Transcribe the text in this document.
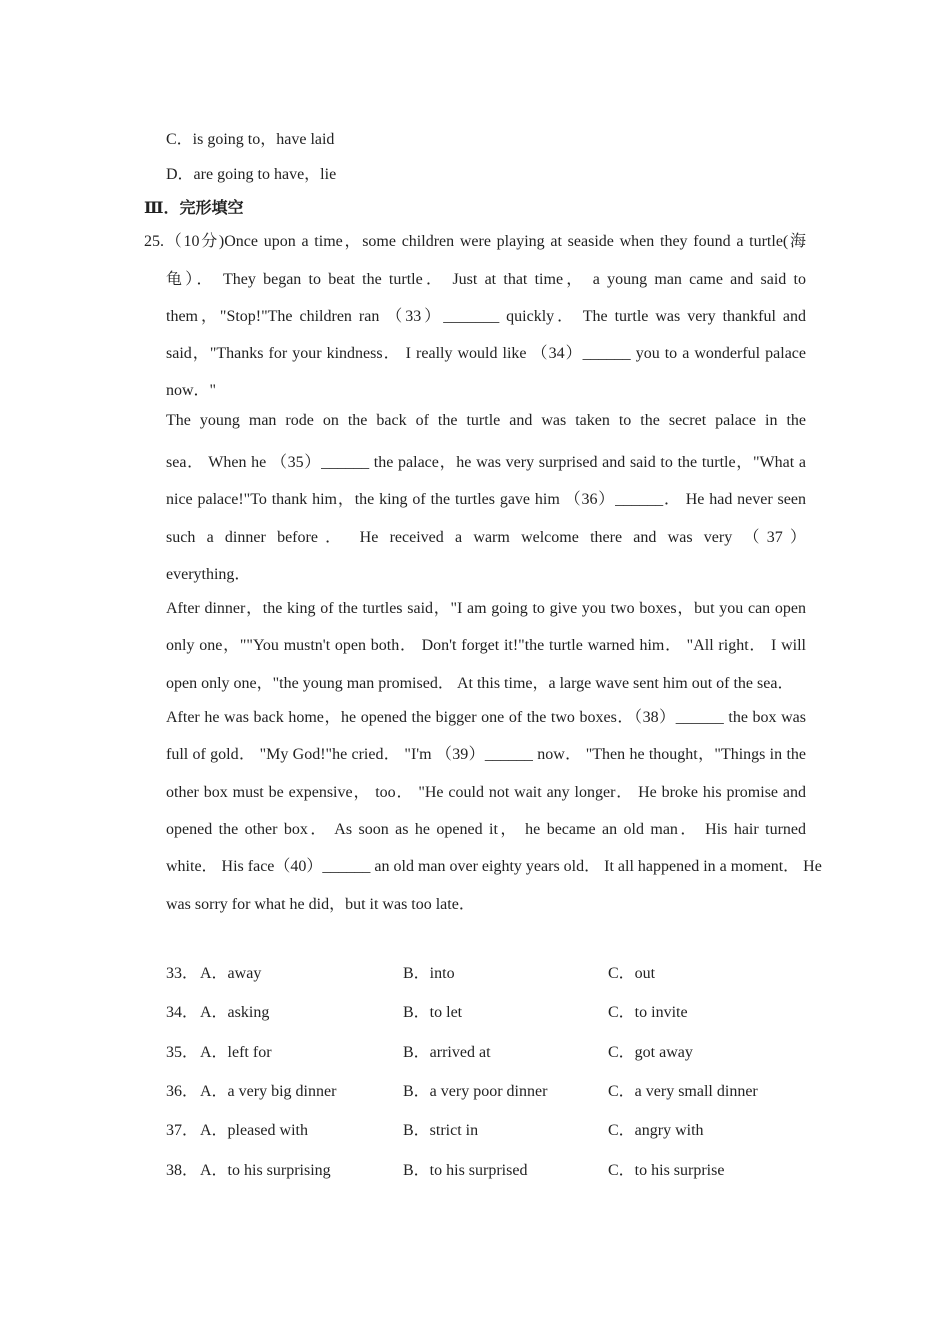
C．is going to，have laid
D．are going to have，lie
Ⅲ．完形填空
25.（10分)Once upon a time，some children were playing at seaside when they found a turtle(海
龟）． They began to beat the turtle． Just at that time， a young man came and said to
them，"Stop!"The children ran （33）_______ quickly． The turtle was very thankful and
said，"Thanks for your kindness． I really would like （34）______ you to a wonderful palace
now．"
The young man rode on the back of the turtle and was taken to the secret palace in the
sea． When he （35）______ the palace，he was very surprised and said to the turtle，"What a
nice palace!"To thank him，the king of the turtles gave him （36）______． He had never seen
such a dinner before． He received a warm welcome there and was very （37）
everything．
After dinner，the king of the turtles said，"I am going to give you two boxes，but you can open
only one，""You mustn't open both． Don't forget it!"the turtle warned him． "All right． I will
open only one，"the young man promised． At this time，a large wave sent him out of the sea．
After he was back home，he opened the bigger one of the two boxes．（38）______ the box was
full of gold． "My God!"he cried． "I'm （39）______ now． "Then he thought，"Things in the
other box must be expensive， too． "He could not wait any longer． He broke his promise and
opened the other box． As soon as he opened it， he became an old man． His hair turned
white． His face（40）______ an old man over eighty years old． It all happened in a moment． He
was sorry for what he did，but it was too late．
33． A．away	B．into	C．out
34． A．asking	B．to let	C．to invite
35． A．left for	B．arrived at	C．got away
36． A．a very big dinner	B．a very poor dinner	C．a very small dinner
37． A．pleased with	B．strict in	C．angry with
38． A．to his surprising	B．to his surprised	C．to his surprise
